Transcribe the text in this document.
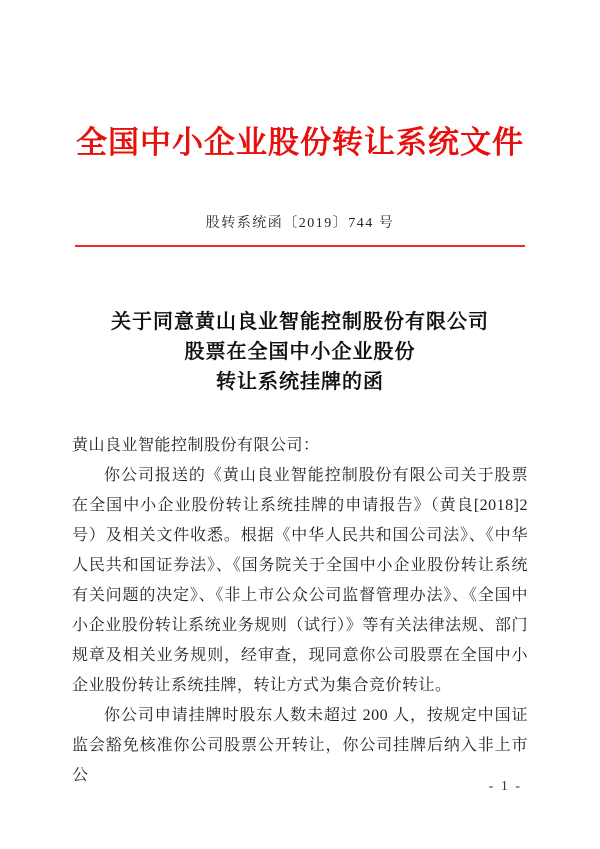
全国中小企业股份转让系统文件
股转系统函〔2019〕744 号
关于同意黄山良业智能控制股份有限公司
股票在全国中小企业股份
转让系统挂牌的函

黄山良业智能控制股份有限公司：

你公司报送的《黄山良业智能控制股份有限公司关于股票在全国中小企业股份转让系统挂牌的申请报告》（黄良[2018]2 号）及相关文件收悉。根据《中华人民共和国公司法》、《中华人民共和国证券法》、《国务院关于全国中小企业股份转让系统有关问题的决定》、《非上市公众公司监督管理办法》、《全国中小企业股份转让系统业务规则（试行）》等有关法律法规、部门规章及相关业务规则，经审查，现同意你公司股票在全国中小企业股份转让系统挂牌，转让方式为集合竞价转让。

你公司申请挂牌时股东人数未超过 200 人，按规定中国证监会豁免核准你公司股票公开转让，你公司挂牌后纳入非上市公

- 1 -
